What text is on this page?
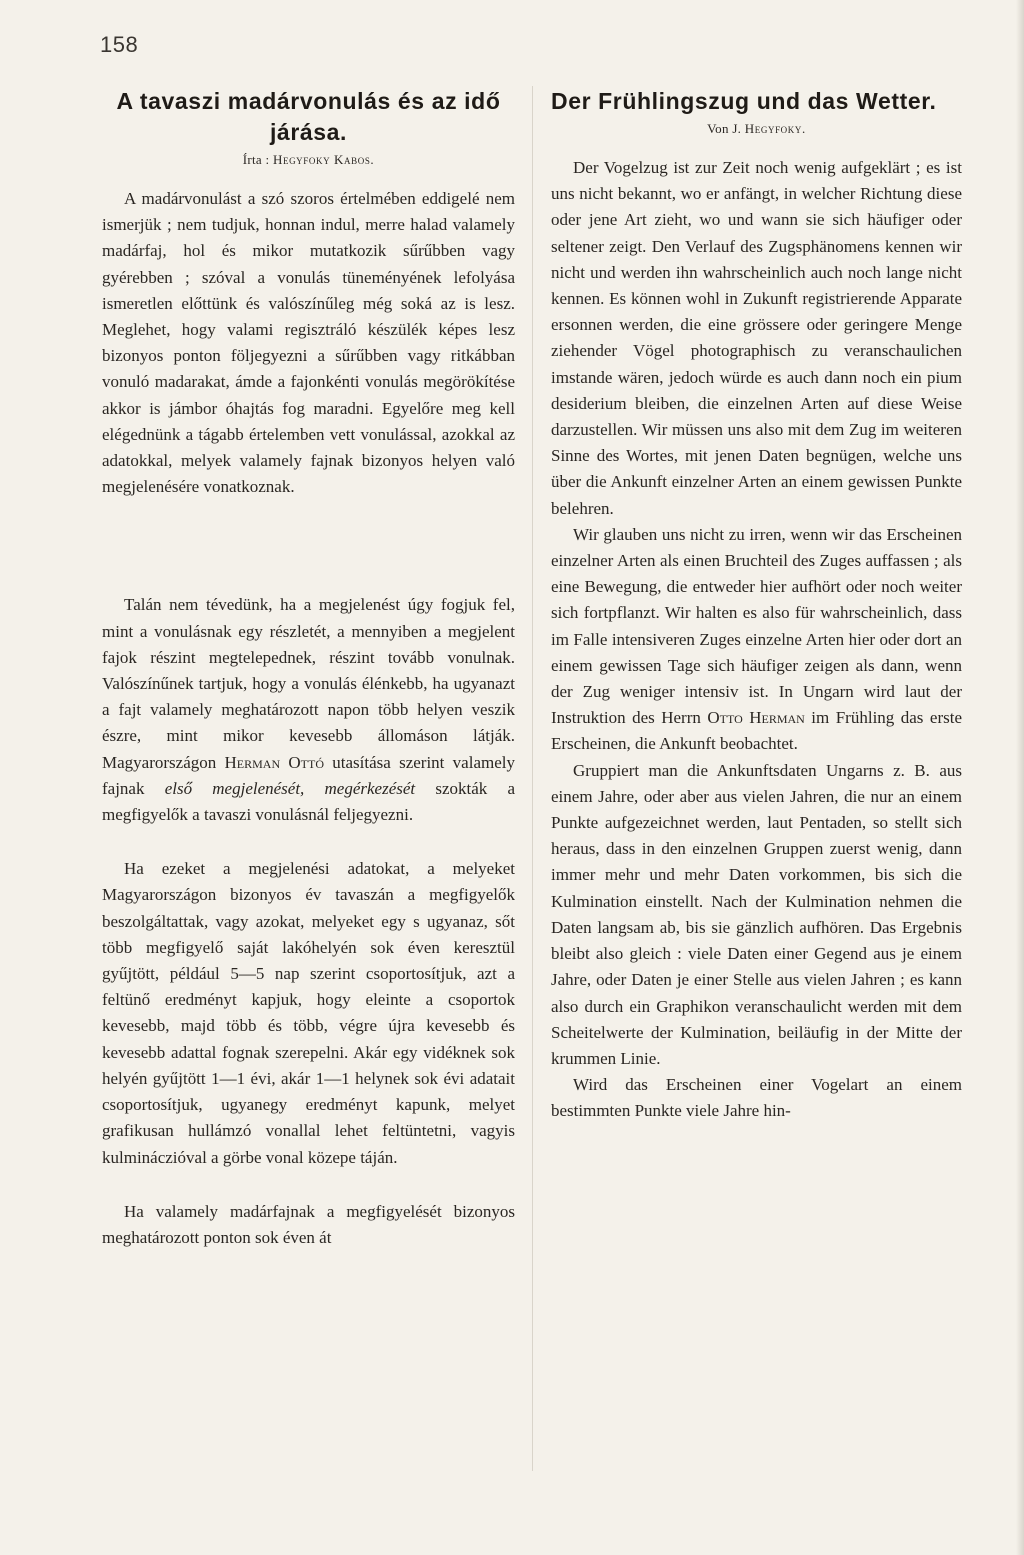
158
A tavaszi madárvonulás és az idő járása.
Írta : Hegyfoky Kabos.

A madárvonulást a szó szoros értelmében eddigelé nem ismerjük ; nem tudjuk, honnan indul, merre halad valamely madárfaj, hol és mikor mutatkozik sűrűbben vagy gyérebben ; szóval a vonulás tüneményének lefolyása ismeretlen előttünk és valószínűleg még soká az is lesz. Meglehet, hogy valami regisztráló készülék képes lesz bizonyos ponton följegyezni a sűrűbben vagy ritkábban vonuló madarakat, ámde a fajonkénti vonulás megörökítése akkor is jámbor óhajtás fog maradni. Egyelőre meg kell elégednünk a tágabb értelemben vett vonulással, azokkal az adatokkal, melyek valamely fajnak bizonyos helyen való megjelenésére vonatkoznak.

Talán nem tévedünk, ha a megjelenést úgy fogjuk fel, mint a vonulásnak egy részletét, a mennyiben a megjelent fajok részint megtelepednek, részint tovább vonulnak. Valószínűnek tartjuk, hogy a vonulás élénkebb, ha ugyanazt a fajt valamely meghatározott napon több helyen veszik észre, mint mikor kevesebb állomáson látják. Magyarországon Herman Ottó utasítása szerint valamely fajnak első megjelenését, megérkezését szokták a megfigyelők a tavaszi vonulásnál feljegyezni.

Ha ezeket a megjelenési adatokat, a melyeket Magyarországon bizonyos év tavaszán a megfigyelők beszolgáltattak, vagy azokat, melyeket egy s ugyanaz, sőt több megfigyelő saját lakóhelyén sok éven keresztül gyűjtött, például 5—5 nap szerint csoportosítjuk, azt a feltünő eredményt kapjuk, hogy eleinte a csoportok kevesebb, majd több és több, végre újra kevesebb és kevesebb adattal fognak szerepelni. Akár egy vidéknek sok helyén gyűjtött 1—1 évi, akár 1—1 helynek sok évi adatait csoportosítjuk, ugyanegy eredményt kapunk, melyet grafikusan hullámzó vonallal lehet feltüntetni, vagyis kulmináczióval a görbe vonal közepe táján.

Ha valamely madárfajnak a megfigyelését bizonyos meghatározott ponton sok éven át

Der Frühlingszug und das Wetter.
Von J. Hegyfoky.

Der Vogelzug ist zur Zeit noch wenig aufgeklärt ; es ist uns nicht bekannt, wo er anfängt, in welcher Richtung diese oder jene Art zieht, wo und wann sie sich häufiger oder seltener zeigt. Den Verlauf des Zugsphänomens kennen wir nicht und werden ihn wahrscheinlich auch noch lange nicht kennen. Es können wohl in Zukunft registrierende Apparate ersonnen werden, die eine grössere oder geringere Menge ziehender Vögel photographisch zu veranschaulichen imstande wären, jedoch würde es auch dann noch ein pium desiderium bleiben, die einzelnen Arten auf diese Weise darzustellen. Wir müssen uns also mit dem Zug im weiteren Sinne des Wortes, mit jenen Daten begnügen, welche uns über die Ankunft einzelner Arten an einem gewissen Punkte belehren.

Wir glauben uns nicht zu irren, wenn wir das Erscheinen einzelner Arten als einen Bruchteil des Zuges auffassen ; als eine Bewegung, die entweder hier aufhört oder noch weiter sich fortpflanzt. Wir halten es also für wahrscheinlich, dass im Falle intensiveren Zuges einzelne Arten hier oder dort an einem gewissen Tage sich häufiger zeigen als dann, wenn der Zug weniger intensiv ist. In Ungarn wird laut der Instruktion des Herrn Otto Herman im Frühling das erste Erscheinen, die Ankunft beobachtet.

Gruppiert man die Ankunftsdaten Ungarns z. B. aus einem Jahre, oder aber aus vielen Jahren, die nur an einem Punkte aufgezeichnet werden, laut Pentaden, so stellt sich heraus, dass in den einzelnen Gruppen zuerst wenig, dann immer mehr und mehr Daten vorkommen, bis sich die Kulmination einstellt. Nach der Kulmination nehmen die Daten langsam ab, bis sie gänzlich aufhören. Das Ergebnis bleibt also gleich : viele Daten einer Gegend aus je einem Jahre, oder Daten je einer Stelle aus vielen Jahren ; es kann also durch ein Graphikon veranschaulicht werden mit dem Scheitelwerte der Kulmination, beiläufig in der Mitte der krummen Linie.

Wird das Erscheinen einer Vogelart an einem bestimmten Punkte viele Jahre hin-
